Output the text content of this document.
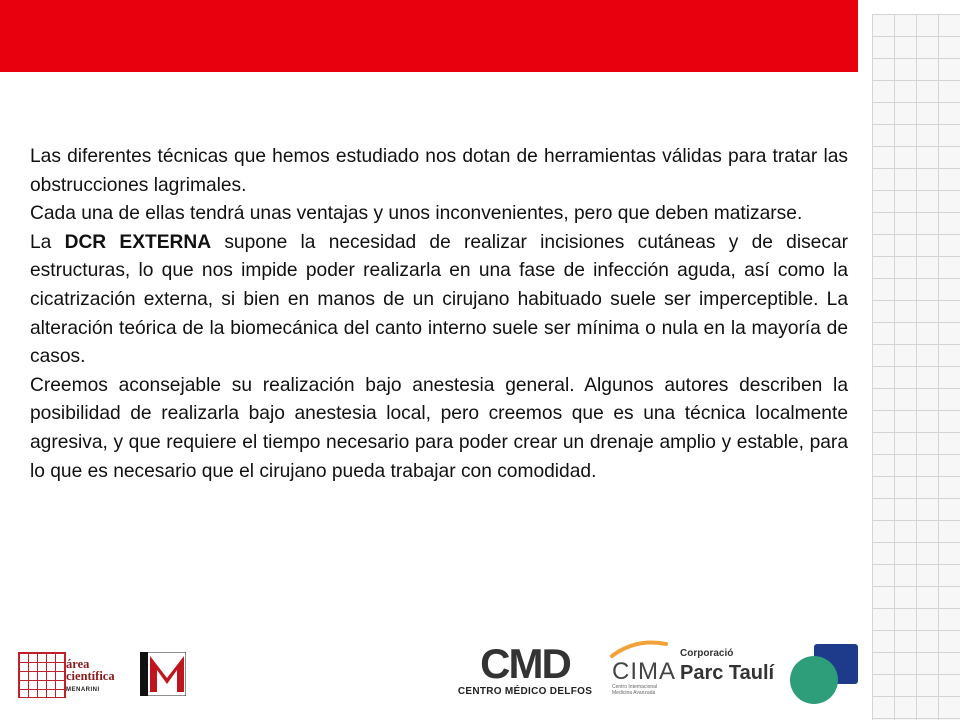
Las diferentes técnicas que hemos estudiado nos dotan de herramientas válidas para tratar las obstrucciones lagrimales.

Cada una de ellas tendrá unas ventajas y unos inconvenientes, pero que deben matizarse.

La DCR EXTERNA supone la necesidad de realizar incisiones cutáneas y de disecar estructuras, lo que nos impide poder realizarla en una fase de infección aguda, así como la cicatrización externa, si bien en manos de un cirujano habituado suele ser imperceptible. La alteración teórica de la biomecánica del canto interno suele ser mínima o nula en la mayoría de casos.

Creemos aconsejable su realización bajo anestesia general. Algunos autores describen la posibilidad de realizarla bajo anestesia local, pero creemos que es una técnica localmente agresiva, y que requiere el tiempo necesario para poder crear un drenaje amplio y estable, para lo que es necesario que el cirujano pueda trabajar con comodidad.

área
científica
MENARINI
CMD
CENTRO MÉDICO DELFOS
CIMA
Centro Internacional
Medicina Avanzada
Corporació
Parc Taulí
